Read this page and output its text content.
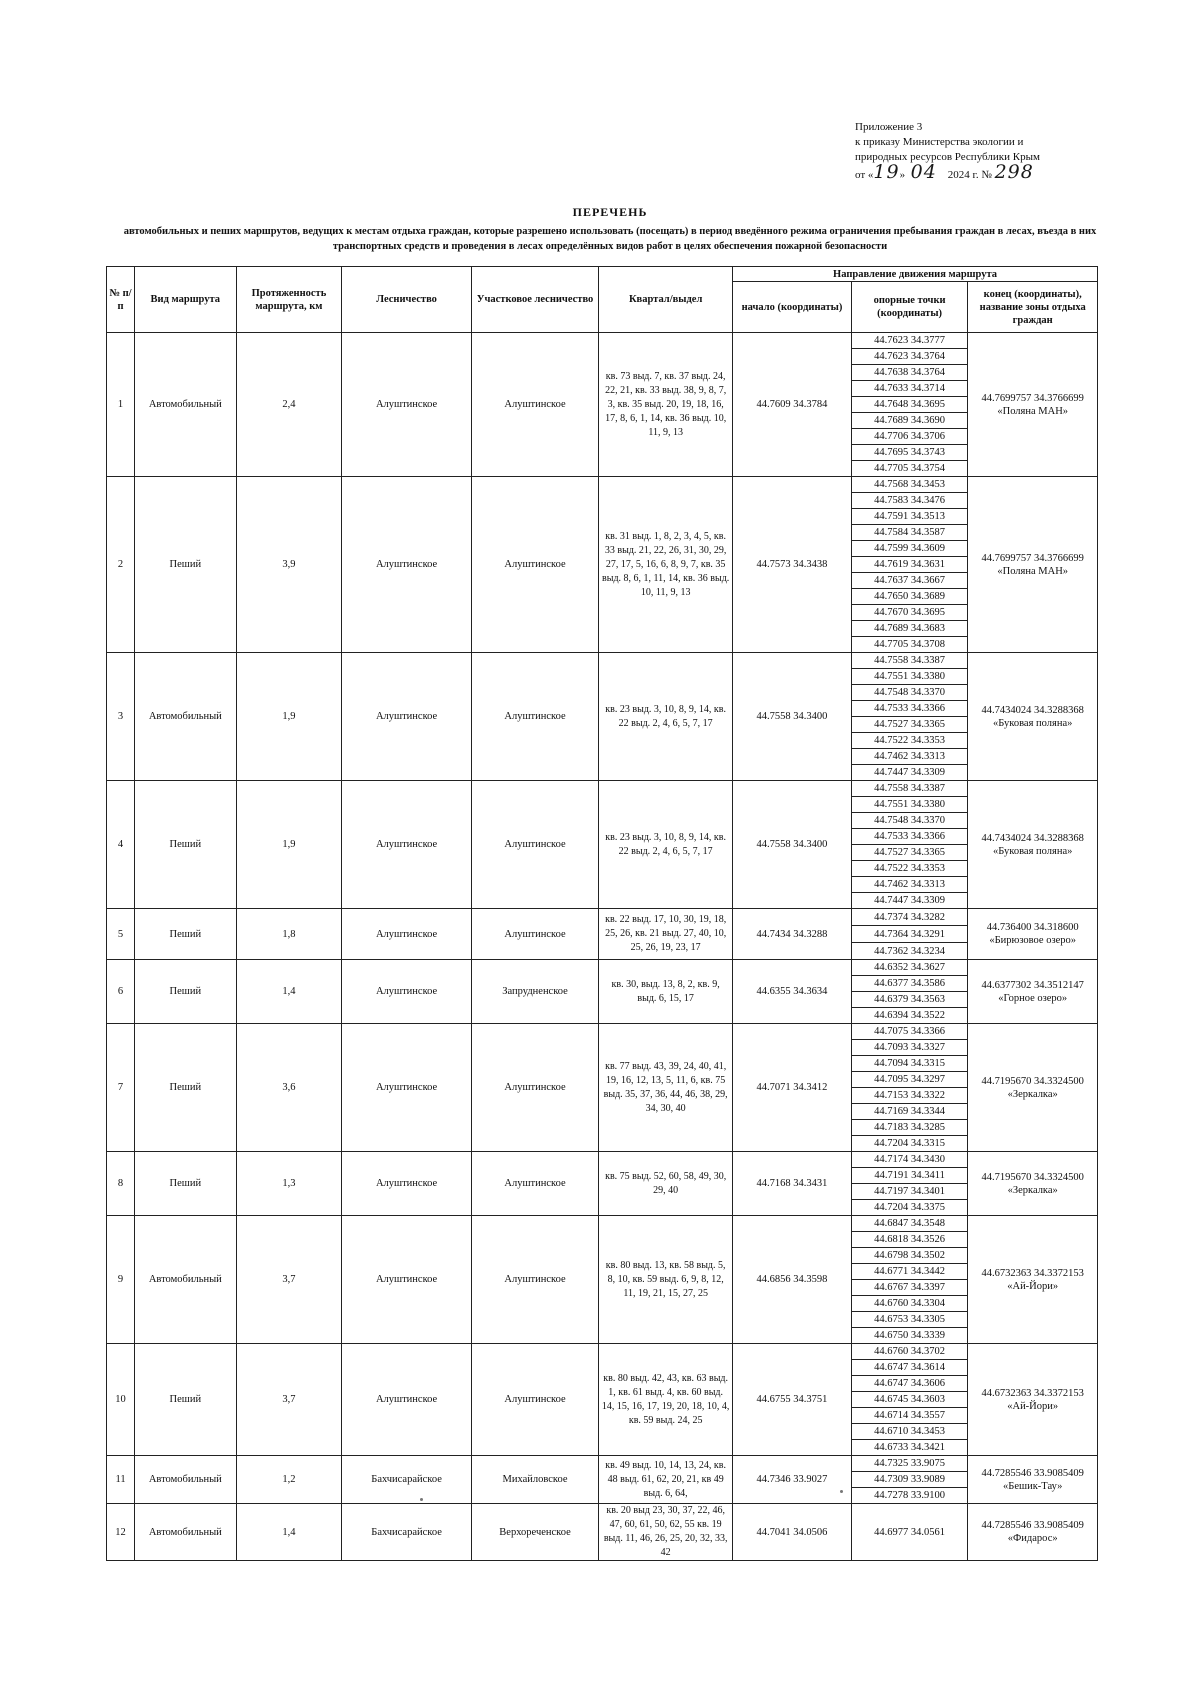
Приложение 3
к приказу Министерства экологии и
природных ресурсов Республики Крым
от «19» 04 2024 г. № 298
ПЕРЕЧЕНЬ
автомобильных и пеших маршрутов, ведущих к местам отдыха граждан, которые разрешено использовать (посещать) в период введённого режима ограничения пребывания граждан в лесах, въезда в них транспортных средств и проведения в лесах определённых видов работ в целях обеспечения пожарной безопасности
№ п/п	Вид маршрута	Протяженность маршрута, км	Лесничество	Участковое лесничество	Квартал/выдел	Направление движения маршрута		
						начало (координаты)	опорные точки (координаты)	конец (координаты), название зоны отдыха граждан
1	Автомобильный	2,4	Алуштинское	Алуштинское	кв. 73 выд. 7, кв. 37 выд. 24, 22, 21, кв. 33 выд. 38, 9, 8, 7, 3, кв. 35 выд. 20, 19, 18, 16, 17, 8, 6, 1, 14, кв. 36 выд. 10, 11, 9, 13	44.7609 34.3784	44.7623 34.3777	44.7699757 34.3766699 «Поляна МАН»
							44.7623 34.3764	
							44.7638 34.3764	
							44.7633 34.3714	
							44.7648 34.3695	
							44.7689 34.3690	
							44.7706 34.3706	
							44.7695 34.3743	
							44.7705 34.3754	
2	Пеший	3,9	Алуштинское	Алуштинское	кв. 31 выд. 1, 8, 2, 3, 4, 5, кв. 33 выд. 21, 22, 26, 31, 30, 29, 27, 17, 5, 16, 6, 8, 9, 7, кв. 35 выд. 8, 6, 1, 11, 14, кв. 36 выд. 10, 11, 9, 13	44.7573 34.3438	44.7568 34.3453	44.7699757 34.3766699 «Поляна МАН»
							44.7583 34.3476	
							44.7591 34.3513	
							44.7584 34.3587	
							44.7599 34.3609	
							44.7619 34.3631	
							44.7637 34.3667	
							44.7650 34.3689	
							44.7670 34.3695	
							44.7689 34.3683	
							44.7705 34.3708	
3	Автомобильный	1,9	Алуштинское	Алуштинское	кв. 23 выд. 3, 10, 8, 9, 14, кв. 22 выд. 2, 4, 6, 5, 7, 17	44.7558 34.3400	44.7558 34.3387	44.7434024 34.3288368 «Буковая поляна»
							44.7551 34.3380	
							44.7548 34.3370	
							44.7533 34.3366	
							44.7527 34.3365	
							44.7522 34.3353	
							44.7462 34.3313	
							44.7447 34.3309	
4	Пеший	1,9	Алуштинское	Алуштинское	кв. 23 выд. 3, 10, 8, 9, 14, кв. 22 выд. 2, 4, 6, 5, 7, 17	44.7558 34.3400	44.7558 34.3387	44.7434024 34.3288368 «Буковая поляна»
							44.7551 34.3380	
							44.7548 34.3370	
							44.7533 34.3366	
							44.7527 34.3365	
							44.7522 34.3353	
							44.7462 34.3313	
							44.7447 34.3309	
5	Пеший	1,8	Алуштинское	Алуштинское	кв. 22 выд. 17, 10, 30, 19, 18, 25, 26, кв. 21 выд. 27, 40, 10, 25, 26, 19, 23, 17	44.7434 34.3288	44.7374 34.3282	44.736400 34.318600 «Бирюзовое озеро»
							44.7364 34.3291	
							44.7362 34.3234	
6	Пеший	1,4	Алуштинское	Запрудненское	кв. 30, выд. 13, 8, 2, кв. 9, выд. 6, 15, 17	44.6355 34.3634	44.6352 34.3627	44.6377302 34.3512147 «Горное озеро»
							44.6377 34.3586	
							44.6379 34.3563	
							44.6394 34.3522	
7	Пеший	3,6	Алуштинское	Алуштинское	кв. 77 выд. 43, 39, 24, 40, 41, 19, 16, 12, 13, 5, 11, 6, кв. 75 выд. 35, 37, 36, 44, 46, 38, 29, 34, 30, 40	44.7071 34.3412	44.7075 34.3366	44.7195670 34.3324500 «Зеркалка»
							44.7093 34.3327	
							44.7094 34.3315	
							44.7095 34.3297	
							44.7153 34.3322	
							44.7169 34.3344	
							44.7183 34.3285	
							44.7204 34.3315	
8	Пеший	1,3	Алуштинское	Алуштинское	кв. 75 выд. 52, 60, 58, 49, 30, 29, 40	44.7168 34.3431	44.7174 34.3430	44.7195670 34.3324500 «Зеркалка»
							44.7191 34.3411	
							44.7197 34.3401	
							44.7204 34.3375	
9	Автомобильный	3,7	Алуштинское	Алуштинское	кв. 80 выд. 13, кв. 58 выд. 5, 8, 10, кв. 59 выд. 6, 9, 8, 12, 11, 19, 21, 15, 27, 25	44.6856 34.3598	44.6847 34.3548	44.6732363 34.3372153 «Ай-Йори»
							44.6818 34.3526	
							44.6798 34.3502	
							44.6771 34.3442	
							44.6767 34.3397	
							44.6760 34.3304	
							44.6753 34.3305	
							44.6750 34.3339	
10	Пеший	3,7	Алуштинское	Алуштинское	кв. 80 выд. 42, 43, кв. 63 выд. 1, кв. 61 выд. 4, кв. 60 выд. 14, 15, 16, 17, 19, 20, 18, 10, 4, кв. 59 выд. 24, 25	44.6755 34.3751	44.6760 34.3702	44.6732363 34.3372153 «Ай-Йори»
							44.6747 34.3614	
							44.6747 34.3606	
							44.6745 34.3603	
							44.6714 34.3557	
							44.6710 34.3453	
							44.6733 34.3421	
11	Автомобильный	1,2	Бахчисарайское	Михайловское	кв. 49 выд. 10, 14, 13, 24, кв. 48 выд. 61, 62, 20, 21, кв 49 выд. 6, 64,	44.7346 33.9027	44.7325 33.9075	44.7285546 33.9085409 «Бешик-Тау»
							44.7309 33.9089	
							44.7278 33.9100	
12	Автомобильный	1,4	Бахчисарайское	Верхореченское	кв. 20 выд 23, 30, 37, 22, 46, 47, 60, 61, 50, 62, 55 кв. 19 выд. 11, 46, 26, 25, 20, 32, 33, 42	44.7041 34.0506	44.6977 34.0561	44.7285546 33.9085409 «Фидарос»
